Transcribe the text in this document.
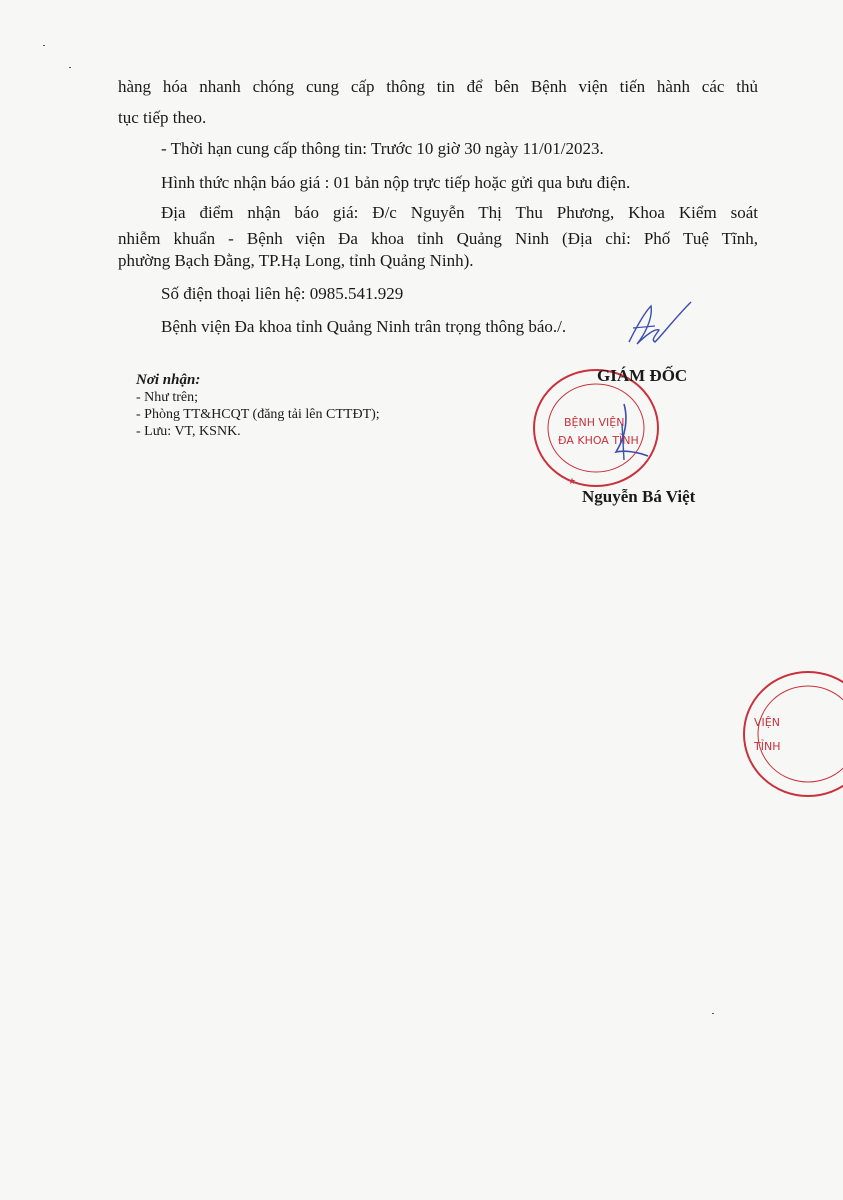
hàng hóa nhanh chóng cung cấp thông tin để bên Bệnh viện tiến hành các thủ

tục tiếp theo.

- Thời hạn cung cấp thông tin: Trước 10 giờ 30 ngày 11/01/2023.

Hình thức nhận báo giá : 01 bản nộp trực tiếp hoặc gửi qua bưu điện.

Địa điểm nhận báo giá: Đ/c Nguyễn Thị Thu Phương, Khoa Kiểm soát
nhiễm khuẩn - Bệnh viện Đa khoa tỉnh Quảng Ninh (Địa chỉ: Phố Tuệ Tĩnh,

phường Bạch Đằng, TP.Hạ Long, tỉnh Quảng Ninh).

Số điện thoại liên hệ: 0985.541.929

Bệnh viện Đa khoa tỉnh Quảng Ninh trân trọng thông báo./.

Nơi nhận:
- Như trên;
- Phòng TT&HCQT (đăng tải lên CTTĐT);
- Lưu: VT, KSNK.
BỆNH VIỆN
ĐA KHOA TỈNH
★
Y TẾ TỈNH QUẢNG NINH	GIÁM ĐỐC
Nguyễn Bá Việt
VIỆN
TỈNH
